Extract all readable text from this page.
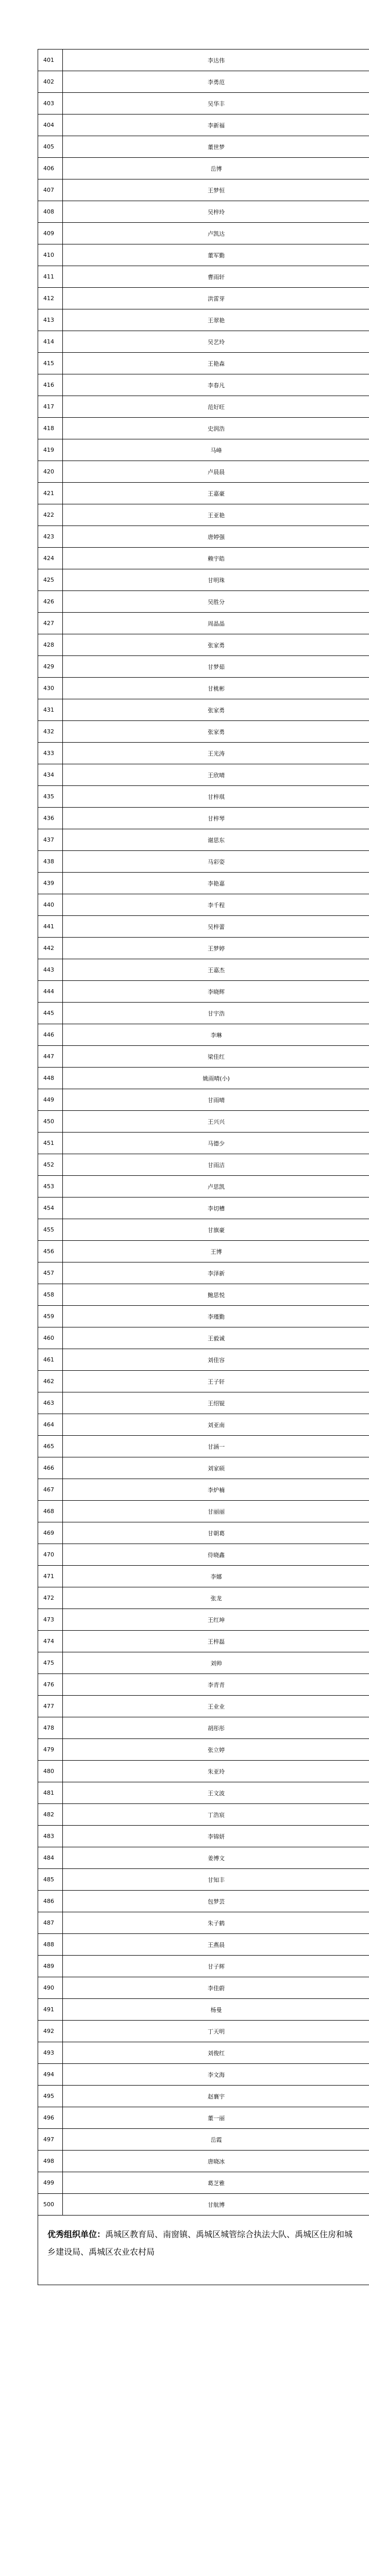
401	李达伟
402	李勇范
403	吴华丰
404	李新福
405	董世梦
406	岳博
407	王梦恒
408	吴梓玲
409	卢凯达
410	董军勤
411	曹雨轩
412	洪雷芽
413	王翠艳
414	吴艺玲
415	王艳森
416	李春凡
417	范好旺
418	史润浩
419	马峰
420	卢晨晨
421	王嘉豪
422	王亚艳
423	唐婷强
424	赖宇皓
425	甘明珠
426	吴胜分
427	周晶晶
428	张家勇
429	甘梦茹
430	甘桃彬
431	张家勇
432	张家勇
433	王光涛
434	王欣晴
435	甘梓琪
436	甘梓琴
437	谢思东
438	马彩姿
439	李艳嘉
440	李千程
441	吴梓蕾
442	王梦婷
443	王嘉杰
444	李晓辉
445	甘宇浩
446	李琳
447	梁佳红
448	姚雨晴(小)
449	甘雨晴
450	王兴兴
451	马德少
452	甘雨洁
453	卢思凯
454	李切槽
455	甘旗豪
456	王博
457	李泽新
458	鲍思悦
459	李瑾勤
460	王毅诚
461	刘佳容
462	王子轩
463	王绍锟
464	刘亚南
465	甘涵一
466	刘家硕
467	李炉楠
468	甘丽丽
469	甘朝葛
470	侍晓鑫
471	李娜
472	张龙
473	王红坤
474	王梓磊
475	刘帅
476	李青青
477	王业业
478	胡彤彤
479	张立婷
480	朱亚玲
481	王文波
482	丁浩宸
483	李锦妍
484	姜博文
485	甘知丰
486	包梦芸
487	朱子鹤
488	王燕晨
489	甘子辉
490	李佳蔚
491	杨曼
492	丁天明
493	刘俊红
494	李文海
495	赵襄宇
496	董一丽
497	岳霞
498	唐晓冰
499	葛芝雅
500	甘航博
优秀组织单位：禹城区教育局、南窗镇、禹城区城管综合执法大队、禹城区住房和城乡建设局、禹城区农业农村局
